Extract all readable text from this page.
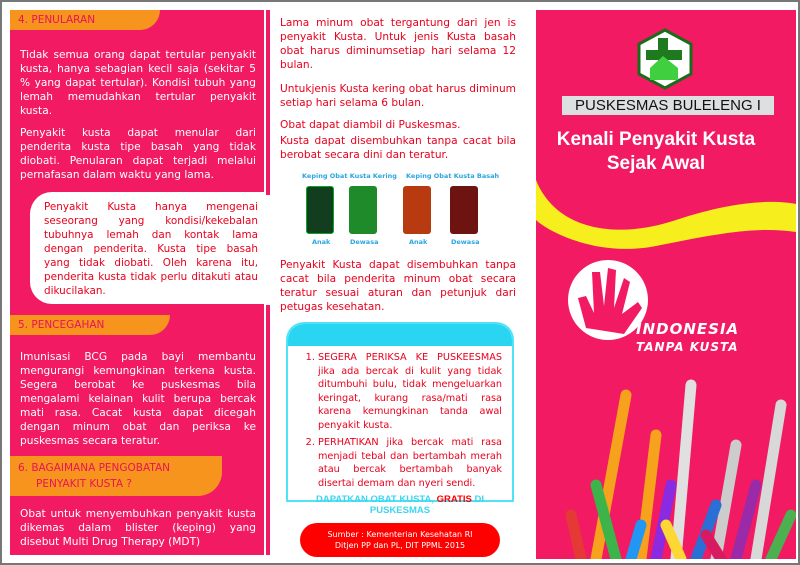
4. PENULARAN
Tidak semua orang dapat tertular penyakit kusta, hanya sebagian kecil saja (sekitar 5 % yang dapat tertular). Kondisi tubuh yang lemah memudahkan tertular penyakit kusta.
Penyakit kusta dapat menular dari penderita kusta tipe basah yang tidak diobati. Penularan dapat terjadi melalui pernafasan dalam waktu yang lama.
Penyakit Kusta hanya mengenai seseorang yang kondisi/kekebalan tubuhnya lemah dan kontak lama dengan penderita. Kusta tipe basah yang tidak diobati. Oleh karena itu, penderita kusta tidak perlu ditakuti atau dikucilakan.
5. PENCEGAHAN
Imunisasi BCG pada bayi membantu mengurangi kemungkinan terkena kusta. Segera berobat ke puskesmas bila mengalami kelainan kulit berupa bercak mati rasa. Cacat kusta dapat dicegah dengan minum obat dan periksa ke puskesmas secara teratur.
6. BAGAIMANA PENGOBATAN
PENYAKIT KUSTA ?
Obat untuk menyembuhkan penyakit kusta dikemas dalam blister (keping) yang disebut Multi Drug Therapy (MDT)
Lama minum obat tergantung dari jen is penyakit Kusta. Untuk jenis Kusta basah obat harus diminumsetiap hari selama 12 bulan.
Untukjenis Kusta kering obat harus diminum setiap hari selama 6 bulan.
Obat dapat diambil di Puskesmas.
Kusta dapat disembuhkan tanpa cacat bila berobat secara dini dan teratur.
Keping Obat Kusta Kering Keping Obat Kusta Basah
Anak	Dewasa	Anak	Dewasa
Penyakit Kusta dapat disembuhkan tanpa cacat bila penderita minum obat secara teratur sesuai aturan dan petunjuk dari petugas kesehatan.
1. SEGERA PERIKSA KE PUSKEESMAS jika ada bercak di kulit yang tidak ditumbuhi bulu, tidak mengeluarkan keringat, kurang rasa/mati rasa karena kemungkinan tanda awal penyakit kusta.
2. PERHATIKAN jika bercak mati rasa menjadi tebal dan bertambah merah atau bercak bertambah banyak disertai demam dan nyeri sendi.
DAPATKAN OBAT KUSTA, GRATIS DI PUSKESMAS
Sumber : Kementerian Kesehatan RI
Ditjen PP dan PL, DIT PPML 2015
PUSKESMAS BULELENG I
Kenali Penyakit Kusta
Sejak Awal
INDONESIA
TANPA KUSTA
